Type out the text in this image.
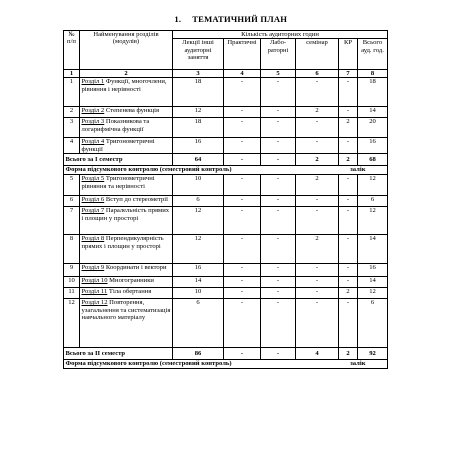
1. ТЕМАТИЧНИЙ ПЛАН
№ п/п	Найменування розділів (модулів)	Кількість аудиторних годин					
		Лекції інші аудиторні заняття	Практичні	Лабо-раторні	семінар	КР	Всього ауд. год.
1	2	3	4	5	6	7	8
1	Розділ 1 Функції, многочлени, рівняння і нерівності	18	-	-	-	-	18
2	Розділ 2 Степенева функція	12	-	-	2	-	14
3	Розділ 3 Показникова та логарифмічна функції	18	-	-	-	2	20
4	Розділ 4 Тригонометричні функції	16	-	-	-	-	16
Всього за І семестр		64	-	-	2	2	68

Форма підсумкового контролю (семестровий контроль) залік							

5	Розділ 5 Тригонометричні рівняння та нерівності	10	-	-	2	-	12
6	Розділ 6 Вступ до стереометрії	6	-	-	-	-	6
7	Розділ 7 Паралельність прямих і площин у просторі	12	-	-	-	-	12
8	Розділ 8 Перпендикулярність прямих і площин у просторі	12	-	-	2	-	14
9	Розділ 9 Координати і вектори	16	-	-	-	-	16
10	Розділ 10 Многогранники	14	-	-	-	-	14
11	Розділ 11 Тіла обертання	10	-	-	-	2	12
12	Розділ 12 Повторення, узагальнення та систематизація навчального матеріалу	6	-	-	-	-	6
Всього за ІІ семестр		86	-	-	4	2	92

Форма підсумкового контролю (семестровий контроль) залік							
